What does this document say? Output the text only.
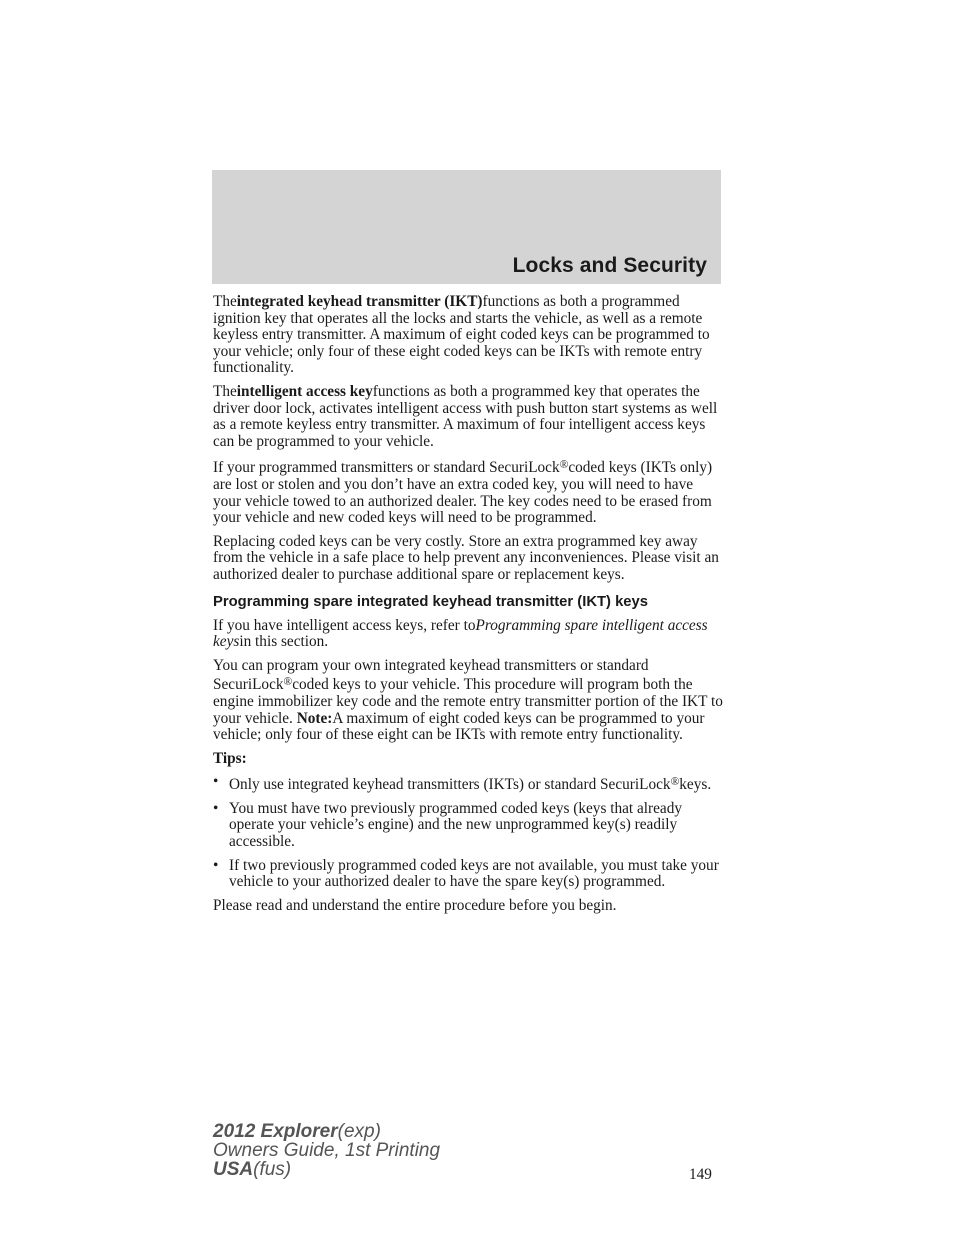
Locks and Security

Theintegrated keyhead transmitter (IKT)functions as both a programmed ignition key that operates all the locks and starts the vehicle, as well as a remote keyless entry transmitter. A maximum of eight coded keys can be programmed to your vehicle; only four of these eight coded keys can be IKTs with remote entry functionality.

Theintelligent access keyfunctions as both a programmed key that operates the driver door lock, activates intelligent access with push button start systems as well as a remote keyless entry transmitter. A maximum of four intelligent access keys can be programmed to your vehicle.

If your programmed transmitters or standard SecuriLock®coded keys (IKTs only) are lost or stolen and you don’t have an extra coded key, you will need to have your vehicle towed to an authorized dealer. The key codes need to be erased from your vehicle and new coded keys will need to be programmed.

Replacing coded keys can be very costly. Store an extra programmed key away from the vehicle in a safe place to help prevent any inconveniences. Please visit an authorized dealer to purchase additional spare or replacement keys.

Programming spare integrated keyhead transmitter (IKT) keys

If you have intelligent access keys, refer toProgramming spare intelligent access keysin this section.

You can program your own integrated keyhead transmitters or standard SecuriLock®coded keys to your vehicle. This procedure will program both the engine immobilizer key code and the remote entry transmitter portion of the IKT to your vehicle. Note:A maximum of eight coded keys can be programmed to your vehicle; only four of these eight can be IKTs with remote entry functionality.

Tips:

• Only use integrated keyhead transmitters (IKTs) or standard SecuriLock®keys.
• You must have two previously programmed coded keys (keys that already operate your vehicle’s engine) and the new unprogrammed key(s) readily accessible.
• If two previously programmed coded keys are not available, you must take your vehicle to your authorized dealer to have the spare key(s) programmed.

Please read and understand the entire procedure before you begin.

149
2012 Explorer(exp)
Owners Guide, 1st Printing
USA(fus)
